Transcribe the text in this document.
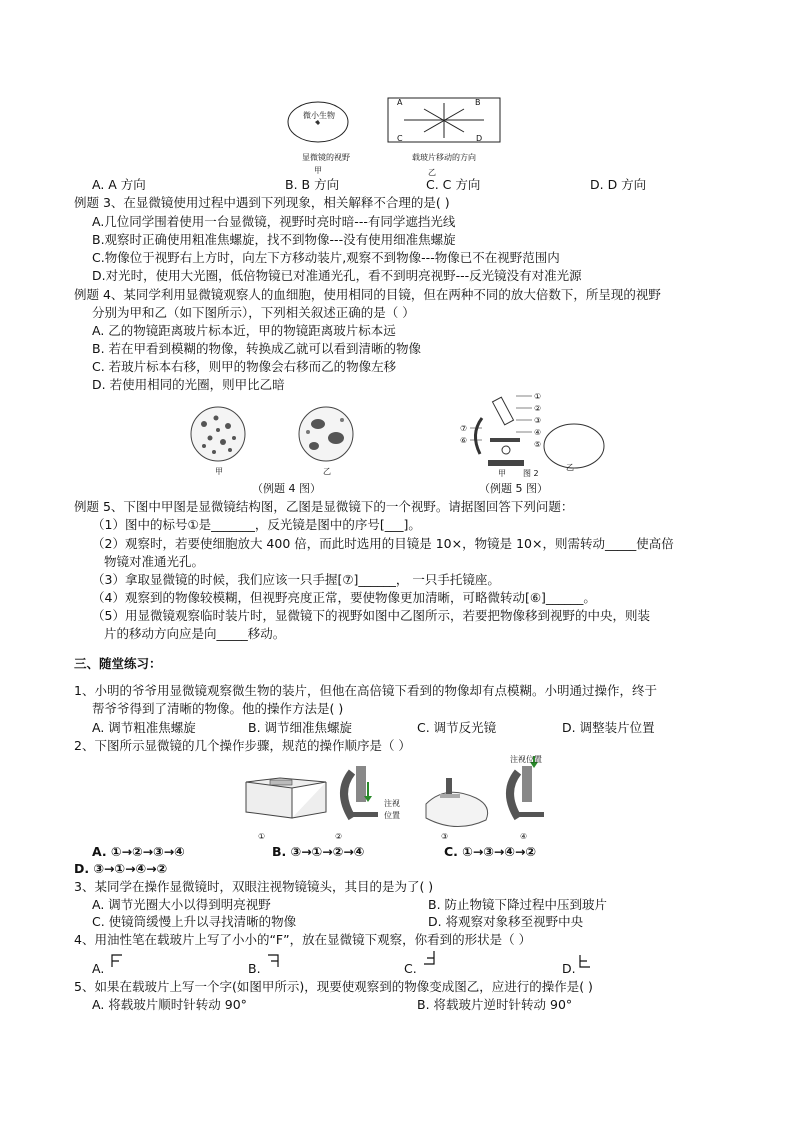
微小生物
A	B
C	D
显微镜的视野	载玻片移动的方向
甲	乙
A. A 方向	B. B 方向	C. C 方向	D. D 方向
例题 3、在显微镜使用过程中遇到下列现象，相关解释不合理的是( )
A.几位同学围着使用一台显微镜，视野时亮时暗---有同学遮挡光线
B.观察时正确使用粗准焦螺旋，找不到物像---没有使用细准焦螺旋
C.物像位于视野右上方时，向左下方移动装片,观察不到物像---物像已不在视野范围内
D.对光时，使用大光圈，低倍物镜已对准通光孔，看不到明亮视野---反光镜没有对准光源
例题 4、某同学利用显微镜观察人的血细胞，使用相同的目镜，但在两种不同的放大倍数下，所呈现的视野
分别为甲和乙（如下图所示），下列相关叙述正确的是（ ）
A. 乙的物镜距离玻片标本近，甲的物镜距离玻片标本远
B. 若在甲看到模糊的物像，转换成乙就可以看到清晰的物像
C. 若玻片标本右移，则甲的物像会右移而乙的物像左移
D. 若使用相同的光圈，则甲比乙暗
甲	乙
①
②
③
④
⑦
⑥	⑤
甲 图 2
乙
（例题 4 图）	（例题 5 图）
例题 5、下图中甲图是显微镜结构图，乙图是显微镜下的一个视野。请据图回答下列问题：
（1）图中的标号①是_______，反光镜是图中的序号[___]。
（2）观察时，若要使细胞放大 400 倍，而此时选用的目镜是 10×，物镜是 10×，则需转动_____使高倍
物镜对准通光孔。
（3）拿取显微镜的时候，我们应该一只手握[⑦]______， 一只手托镜座。
（4）观察到的物像较模糊，但视野亮度正常，要使物像更加清晰，可略微转动[⑥]______。
（5）用显微镜观察临时装片时，显微镜下的视野如图中乙图所示，若要把物像移到视野的中央，则装
片的移动方向应是向_____移动。
三、随堂练习：
1、小明的爷爷用显微镜观察微生物的装片，但他在高倍镜下看到的物像却有点模糊。小明通过操作，终于
帮爷爷得到了清晰的物像。他的操作方法是( )
A. 调节粗准焦螺旋	B. 调节细准焦螺旋	C. 调节反光镜	D. 调整装片位置
2、下图所示显微镜的几个操作步骤，规范的操作顺序是（ ）
①	②	③	④
注视
位置
注视位置
A. ①→②→③→④	B. ③→①→②→④	C. ①→③→④→②
D. ③→①→④→②
3、某同学在操作显微镜时，双眼注视物镜镜头，其目的是为了( )
A. 调节光圈大小以得到明亮视野	B. 防止物镜下降过程中压到玻片
C. 使镜筒缓慢上升以寻找清晰的物像	D. 将观察对象移至视野中央
4、用油性笔在载玻片上写了小小的“F”，放在显微镜下观察，你看到的形状是（ ）
A.	B.	C.	D.
5、如果在载玻片上写一个字(如图甲所示)，现要使观察到的物像变成图乙，应进行的操作是( )
A. 将载玻片顺时针转动 90°	B. 将载玻片逆时针转动 90°
